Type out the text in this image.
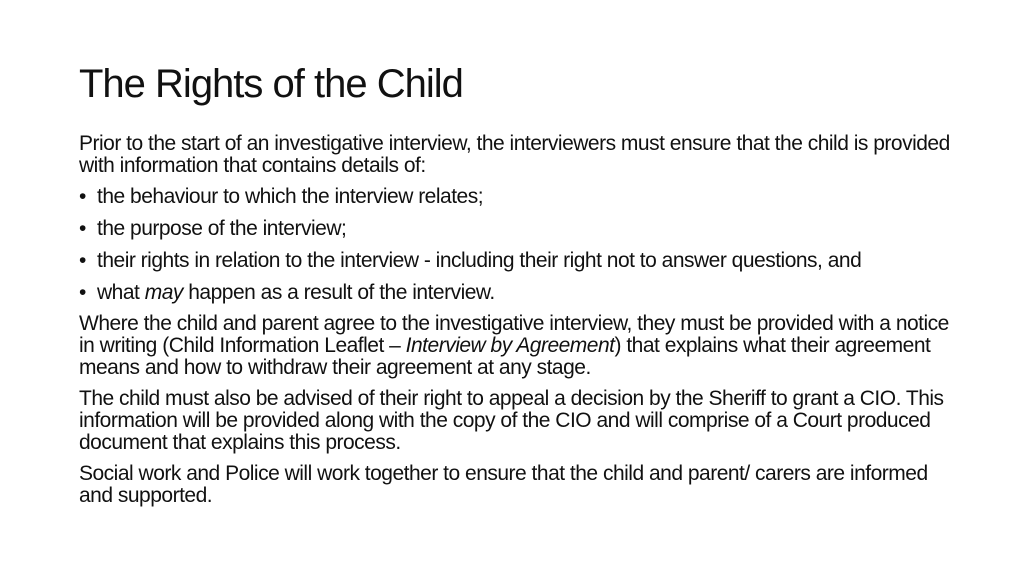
The Rights of the Child

Prior to the start of an investigative interview, the interviewers must ensure that the child is provided with information that contains details of:

• the behaviour to which the interview relates;
• the purpose of the interview;
• their rights in relation to the interview - including their right not to answer questions, and
• what may happen as a result of the interview.

Where the child and parent agree to the investigative interview, they must be provided with a notice in writing (Child Information Leaflet – Interview by Agreement) that explains what their agreement means and how to withdraw their agreement at any stage.

The child must also be advised of their right to appeal a decision by the Sheriff to grant a CIO. This information will be provided along with the copy of the CIO and will comprise of a Court produced document that explains this process.

Social work and Police will work together to ensure that the child and parent/ carers are informed and supported.
